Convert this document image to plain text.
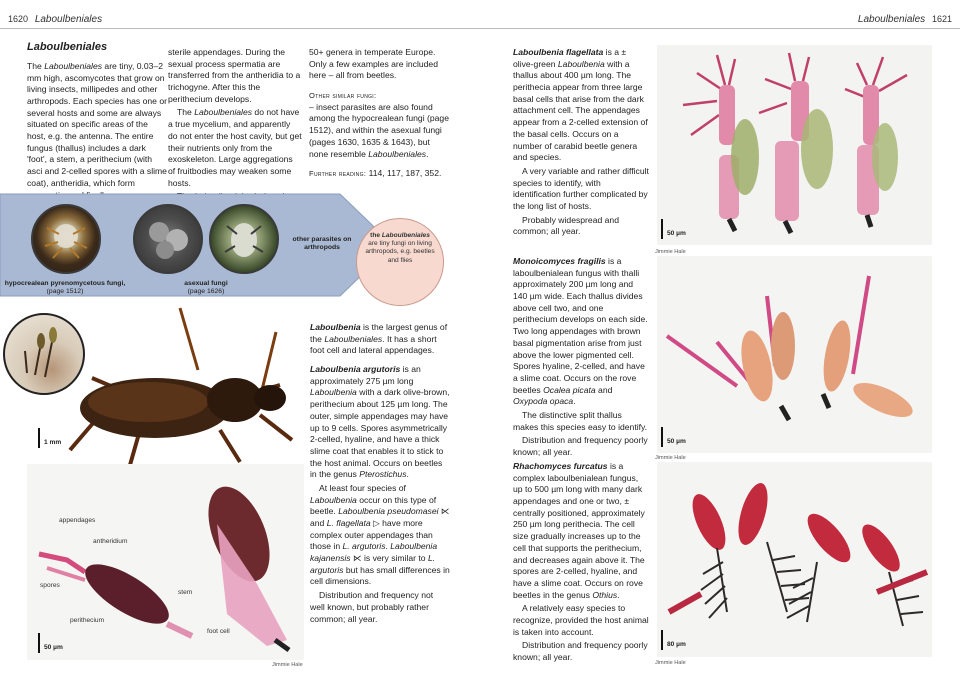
1620 Laboulbeniales	Laboulbeniales 1621
Laboulbeniales

The Laboulbeniales are tiny, 0.03–2 mm high, ascomycotes that grow on living insects, millipedes and other arthropods. Each species has one or several hosts and some are always situated on specific areas of the host, e.g. the antenna. The entire fungus (thallus) includes a dark 'foot', a stem, a perithecium (with asci and 2-celled spores with a slime coat), antheridia, which form

sterile appendages. During the sexual process spermatia are transferred from the antheridia to a trichogyne. After this the perithecium develops.

The Laboulbeniales do not have a true mycelium, and apparently do not enter the host cavity, but get their nutrients only from the exoskeleton. Large aggregations of fruitbodies may weaken some hosts.

50+ genera in temperate Europe. Only a few examples are included here – all from beetles.

Other similar fungi:
– insect parasites are also found among the hypocrealean fungi (page 1512), and within the asexual fungi (pages 1630, 1635 & 1643), but none resemble Laboulbeniales.

Further reading: 114, 117, 187, 352.

hypocrealean pyrenomycetous fungi,
(page 1512)
asexual fungi
(page 1626)
other parasites on arthropods
the Laboulbeniales
are tiny fungi on living arthropods, e.g. beetles and flies
1 mm
appendages
antheridium
spores
stem
perithecium
foot cell
50 µm
Jimmie Hale

Laboulbenia is the largest genus of the Laboulbeniales. It has a short foot cell and lateral appendages.

Laboulbenia argutoris is an approximately 275 µm long Laboulbenia with a dark olive-brown, perithecium about 125 µm long. The outer, simple appendages may have up to 9 cells. Spores asymmetrically 2-celled, hyaline, and have a thick slime coat that enables it to stick to the host animal. Occurs on beetles in the genus Pterostichus.

At least four species of Laboulbenia occur on this type of beetle. Laboulbenia pseudomasei ⋉ and L. flagellata ▷ have more complex outer appendages than those in L. argutoris. Laboulbenia kajanensis ⋉ is very similar to L. argutoris but has small differences in cell dimensions.

Distribution and frequency not well known, but probably rather common; all year.

Laboulbenia flagellata is a ± olive-green Laboulbenia with a thallus about 400 µm long. The perithecia appear from three large basal cells that arise from the dark attachment cell. The appendages appear from a 2-celled extension of the basal cells. Occurs on a number of carabid beetle genera and species.

A very variable and rather difficult species to identify, with identification further complicated by the long list of hosts.

Probably widespread and common; all year.	50 µm
Jimmie Hale

Monoicomyces fragilis is a laboulbenialean fungus with thalli approximately 200 µm long and 140 µm wide. Each thallus divides above cell two, and one perithecium develops on each side. Two long appendages with brown basal pigmentation arise from just above the lower pigmented cell. Spores hyaline, 2-celled, and have a slime coat. Occurs on the rove beetles Ocalea picata and Oxypoda opaca.

The distinctive split thallus makes this species easy to identify.

Distribution and frequency poorly known; all year.

50 µm
Jimmie Hale

Rhachomyces furcatus is a complex laboulbenialean fungus, up to 500 µm long with many dark appendages and one or two, ± centrally positioned, approximately 250 µm long perithecia. The cell size gradually increases up to the cell that supports the perithecium, and decreases again above it. The spores are 2-celled, hyaline, and have a slime coat. Occurs on rove beetles in the genus Othius.

A relatively easy species to recognize, provided the host animal is taken into account.

Distribution and frequency poorly known; all year.

80 µm
Jimmie Hale
